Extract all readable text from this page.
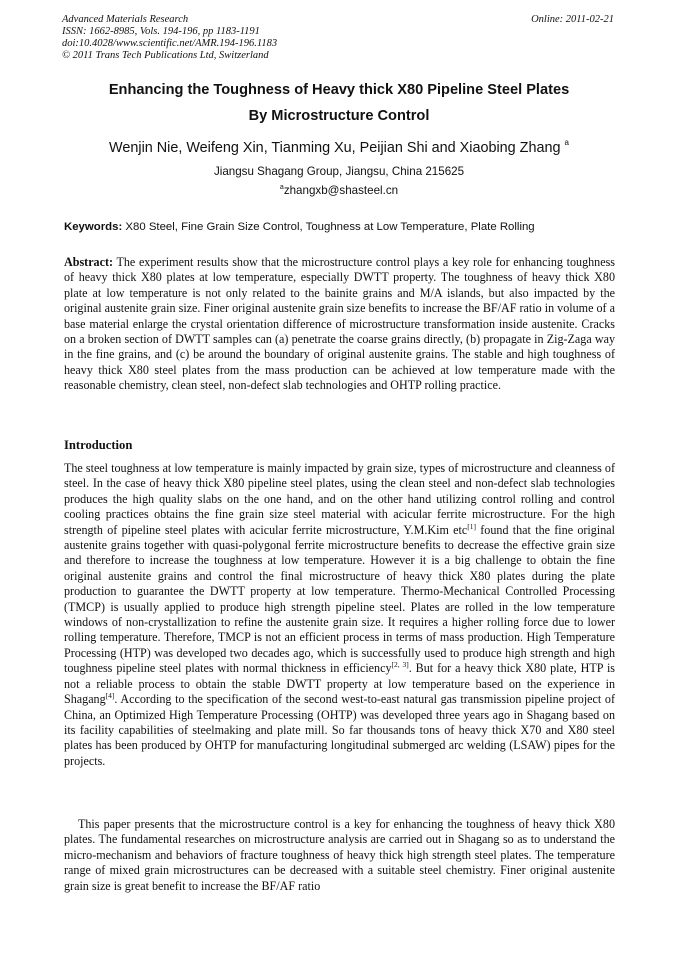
Advanced Materials Research
ISSN: 1662-8985, Vols. 194-196, pp 1183-1191
doi:10.4028/www.scientific.net/AMR.194-196.1183
© 2011 Trans Tech Publications Ltd, Switzerland
Online: 2011-02-21
Enhancing the Toughness of Heavy thick X80 Pipeline Steel Plates
By Microstructure Control
Wenjin Nie, Weifeng Xin, Tianming Xu, Peijian Shi and Xiaobing Zhang $^a$
Jiangsu Shagang Group, Jiangsu, China 215625
$^a$zhangxb@shasteel.cn
Keywords: X80 Steel, Fine Grain Size Control, Toughness at Low Temperature, Plate Rolling
Abstract: The experiment results show that the microstructure control plays a key role for enhancing toughness of heavy thick X80 plates at low temperature, especially DWTT property. The toughness of heavy thick X80 plate at low temperature is not only related to the bainite grains and M/A islands, but also impacted by the original austenite grain size. Finer original austenite grain size benefits to increase the BF/AF ratio in volume of a base material enlarge the crystal orientation difference of microstructure transformation inside austenite. Cracks on a broken section of DWTT samples can (a) penetrate the coarse grains directly, (b) propagate in Zig-Zaga way in the fine grains, and (c) be around the boundary of original austenite grains. The stable and high toughness of heavy thick X80 steel plates from the mass production can be achieved at low temperature made with the reasonable chemistry, clean steel, non-defect slab technologies and OHTP rolling practice.
Introduction
The steel toughness at low temperature is mainly impacted by grain size, types of microstructure and cleanness of steel. In the case of heavy thick X80 pipeline steel plates, using the clean steel and non-defect slab technologies produces the high quality slabs on the one hand, and on the other hand utilizing control rolling and control cooling practices obtains the fine grain size steel material with acicular ferrite microstructure. For the high strength of pipeline steel plates with acicular ferrite microstructure, Y.M.Kim etc[1] found that the fine original austenite grains together with quasi-polygonal ferrite microstructure benefits to decrease the effective grain size and therefore to increase the toughness at low temperature. However it is a big challenge to obtain the fine original austenite grains and control the final microstructure of heavy thick X80 plates during the plate production to guarantee the DWTT property at low temperature. Thermo-Mechanical Controlled Processing (TMCP) is usually applied to produce high strength pipeline steel. Plates are rolled in the low temperature windows of non-crystallization to refine the austenite grain size. It requires a higher rolling force due to lower rolling temperature. Therefore, TMCP is not an efficient process in terms of mass production. High Temperature Processing (HTP) was developed two decades ago, which is successfully used to produce high strength and high toughness pipeline steel plates with normal thickness in efficiency[2, 3]. But for a heavy thick X80 plate, HTP is not a reliable process to obtain the stable DWTT property at low temperature based on the experience in Shagang[4]. According to the specification of the second west-to-east natural gas transmission pipeline project of China, an Optimized High Temperature Processing (OHTP) was developed three years ago in Shagang based on its facility capabilities of steelmaking and plate mill. So far thousands tons of heavy thick X70 and X80 steel plates has been produced by OHTP for manufacturing longitudinal submerged arc welding (LSAW) pipes for the projects.
This paper presents that the microstructure control is a key for enhancing the toughness of heavy thick X80 plates. The fundamental researches on microstructure analysis are carried out in Shagang so as to understand the micro-mechanism and behaviors of fracture toughness of heavy thick high strength steel plates. The temperature range of mixed grain microstructures can be decreased with a suitable steel chemistry. Finer original austenite grain size is great benefit to increase the BF/AF ratio
